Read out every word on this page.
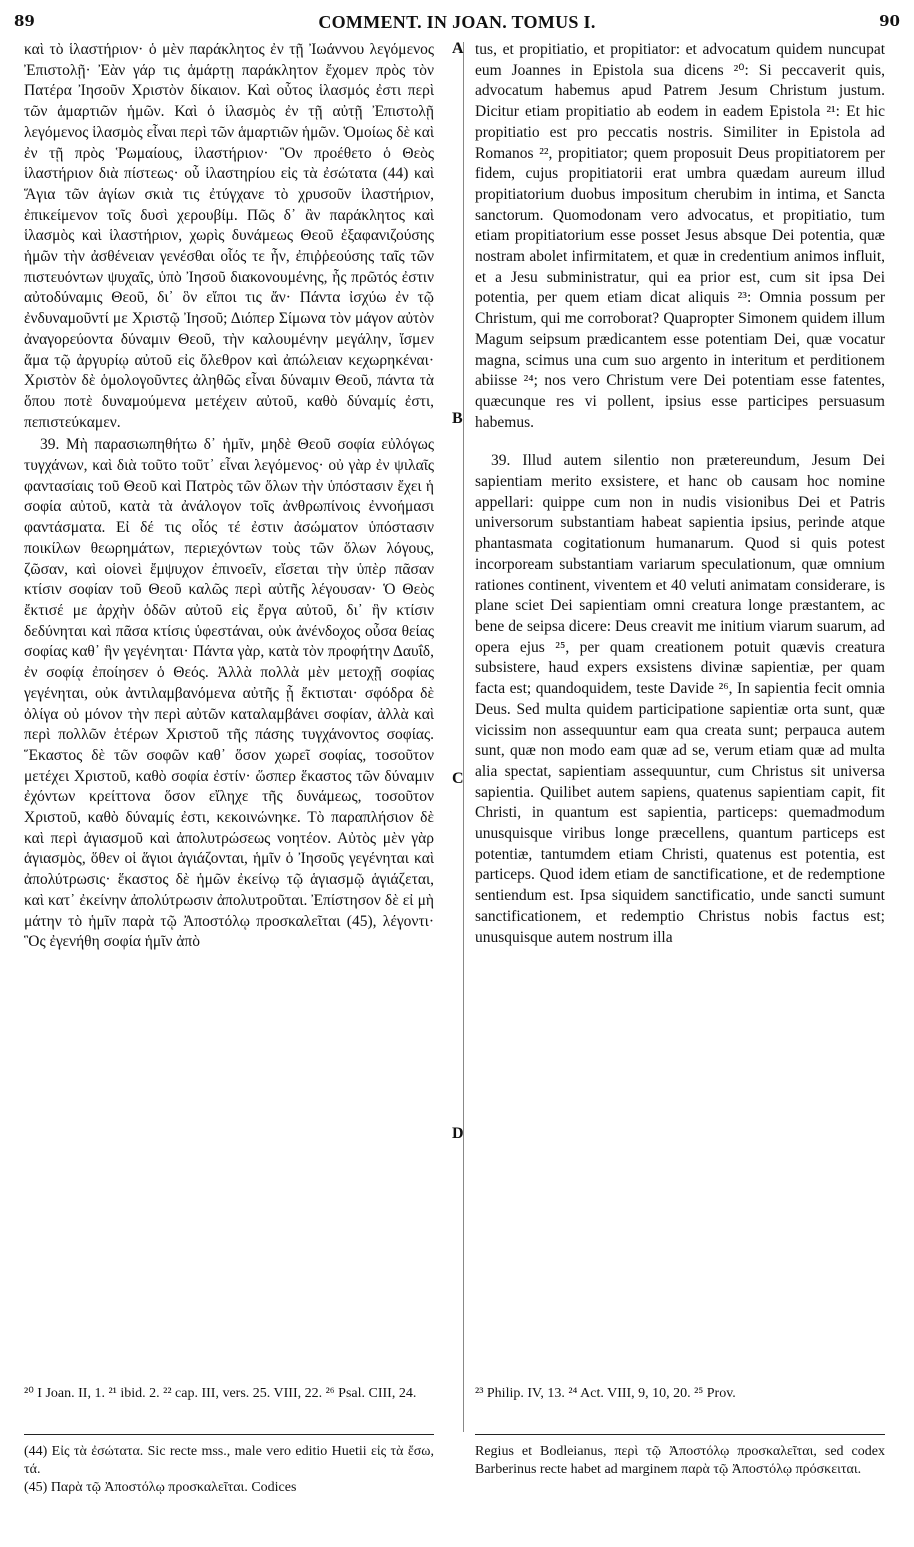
89	COMMENT. IN JOAN. TOMUS I.	90
A
B
C
D

καὶ τὸ ἱλαστήριον· ὁ μὲν παράκλητος ἐν τῇ Ἰωάννου λεγόμενος Ἐπιστολῇ· Ἐὰν γάρ τις ἁμάρτῃ παράκλητον ἔχομεν πρὸς τὸν Πατέρα Ἰησοῦν Χριστὸν δίκαιον. Καὶ οὗτος ἱλασμός ἐστι περὶ τῶν ἁμαρτιῶν ἡμῶν. Καὶ ὁ ἱλασμὸς ἐν τῇ αὐτῇ Ἐπιστολῇ λεγόμενος ἱλασμὸς εἶναι περὶ τῶν ἁμαρτιῶν ἡμῶν. Ὁμοίως δὲ καὶ ἐν τῇ πρὸς Ῥωμαίους, ἱλαστήριον· Ὃν προέθετο ὁ Θεὸς ἱλαστήριον διὰ πίστεως· οὗ ἱλαστηρίου εἰς τὰ ἐσώτατα (44) καὶ Ἅγια τῶν ἁγίων σκιὰ τις ἐτύγχανε τὸ χρυσοῦν ἱλαστήριον, ἐπικείμενον τοῖς δυσὶ χερουβίμ. Πῶς δ᾽ ἂν παράκλητος καὶ ἱλασμὸς καὶ ἱλαστήριον, χωρὶς δυνάμεως Θεοῦ ἐξαφανιζούσης ἡμῶν τὴν ἀσθένειαν γενέσθαι οἷός τε ἦν, ἐπιῤῥεούσης ταῖς τῶν πιστευόντων ψυχαῖς, ὑπὸ Ἰησοῦ διακονουμένης, ἧς πρῶτός ἐστιν αὐτοδύναμις Θεοῦ, δι᾽ ὃν εἴποι τις ἄν· Πάντα ἰσχύω ἐν τῷ ἐνδυναμοῦντί με Χριστῷ Ἰησοῦ; Διόπερ Σίμωνα τὸν μάγον αὐτὸν ἀναγορεύοντα δύναμιν Θεοῦ, τὴν καλουμένην μεγάλην, ἴσμεν ἅμα τῷ ἀργυρίῳ αὐτοῦ εἰς ὄλεθρον καὶ ἀπώλειαν κεχωρηκέναι· Χριστὸν δὲ ὁμολογοῦντες ἀληθῶς εἶναι δύναμιν Θεοῦ, πάντα τὰ ὅπου ποτὲ δυναμούμενα μετέχειν αὐτοῦ, καθὸ δύναμίς ἐστι, πεπιστεύκαμεν.

39. Μὴ παρασιωπηθήτω δ᾽ ἡμῖν, μηδὲ Θεοῦ σοφία εὐλόγως τυγχάνων, καὶ διὰ τοῦτο τοῦτ᾽ εἶναι λεγόμενος· οὐ γὰρ ἐν ψιλαῖς φαντασίαις τοῦ Θεοῦ καὶ Πατρὸς τῶν ὅλων τὴν ὑπόστασιν ἔχει ἡ σοφία αὐτοῦ, κατὰ τὰ ἀνάλογον τοῖς ἀνθρωπίνοις ἐννοήμασι φαντάσματα. Εἰ δέ τις οἷός τέ ἐστιν ἀσώματον ὑπόστασιν ποικίλων θεωρημάτων, περιεχόντων τοὺς τῶν ὅλων λόγους, ζῶσαν, καὶ οἱονεὶ ἔμψυχον ἐπινοεῖν, εἴσεται τὴν ὑπὲρ πᾶσαν κτίσιν σοφίαν τοῦ Θεοῦ καλῶς περὶ αὐτῆς λέγουσαν· Ὁ Θεὸς ἔκτισέ με ἀρχὴν ὁδῶν αὐτοῦ εἰς ἔργα αὐτοῦ, δι᾽ ἣν κτίσιν δεδύνηται καὶ πᾶσα κτίσις ὑφεστάναι, οὐκ ἀνένδοχος οὖσα θείας σοφίας καθ᾽ ἣν γεγένηται· Πάντα γὰρ, κατὰ τὸν προφήτην Δαυΐδ, ἐν σοφίᾳ ἐποίησεν ὁ Θεός. Ἀλλὰ πολλὰ μὲν μετοχῇ σοφίας γεγένηται, οὐκ ἀντιλαμβανόμενα αὐτῆς ᾗ ἔκτισται· σφόδρα δὲ ὀλίγα οὐ μόνον τὴν περὶ αὐτῶν καταλαμβάνει σοφίαν, ἀλλὰ καὶ περὶ πολλῶν ἑτέρων Χριστοῦ τῆς πάσης τυγχάνοντος σοφίας. Ἕκαστος δὲ τῶν σοφῶν καθ᾽ ὅσον χωρεῖ σοφίας, τοσοῦτον μετέχει Χριστοῦ, καθὸ σοφία ἐστίν· ὥσπερ ἕκαστος τῶν δύναμιν ἐχόντων κρείττονα ὅσον εἴληχε τῆς δυνάμεως, τοσοῦτον Χριστοῦ, καθὸ δύναμίς ἐστι, κεκοινώνηκε. Τὸ παραπλήσιον δὲ καὶ περὶ ἁγιασμοῦ καὶ ἀπολυτρώσεως νοητέον. Αὐτὸς μὲν γὰρ ἁγιασμὸς, ὅθεν οἱ ἅγιοι ἁγιάζονται, ἡμῖν ὁ Ἰησοῦς γεγένηται καὶ ἀπολύτρωσις· ἕκαστος δὲ ἡμῶν ἐκείνῳ τῷ ἁγιασμῷ ἁγιάζεται, καὶ κατ᾽ ἐκείνην ἀπολύτρωσιν ἀπολυτροῦται. Ἐπίστησον δὲ εἰ μὴ μάτην τὸ ἡμῖν παρὰ τῷ Ἀποστόλῳ προσκαλεῖται (45), λέγοντι· Ὃς ἐγενήθη σοφία ἡμῖν ἀπὸ

tus, et propitiatio, et propitiator: et advocatum quidem nuncupat eum Joannes in Epistola sua dicens ²⁰: Si peccaverit quis, advocatum habemus apud Patrem Jesum Christum justum. Dicitur etiam propitiatio ab eodem in eadem Epistola ²¹: Et hic propitiatio est pro peccatis nostris. Similiter in Epistola ad Romanos ²², propitiator; quem proposuit Deus propitiatorem per fidem, cujus propitiatorii erat umbra quædam aureum illud propitiatorium duobus impositum cherubim in intima, et Sancta sanctorum. Quomodonam vero advocatus, et propitiatio, tum etiam propitiatorium esse posset Jesus absque Dei potentia, quæ nostram abolet infirmitatem, et quæ in credentium animos influit, et a Jesu subministratur, qui ea prior est, cum sit ipsa Dei potentia, per quem etiam dicat aliquis ²³: Omnia possum per Christum, qui me corroborat? Quapropter Simonem quidem illum Magum seipsum prædicantem esse potentiam Dei, quæ vocatur magna, scimus una cum suo argento in interitum et perditionem abiisse ²⁴; nos vero Christum vere Dei potentiam esse fatentes, quæcunque res vi pollent, ipsius esse participes persuasum habemus.

39. Illud autem silentio non prætereundum, Jesum Dei sapientiam merito exsistere, et hanc ob causam hoc nomine appellari: quippe cum non in nudis visionibus Dei et Patris universorum substantiam habeat sapientia ipsius, perinde atque phantasmata cogitationum humanarum. Quod si quis potest incorpoream substantiam variarum speculationum, quæ omnium rationes continent, viventem et 40 veluti animatam considerare, is plane sciet Dei sapientiam omni creatura longe præstantem, ac bene de seipsa dicere: Deus creavit me initium viarum suarum, ad opera ejus ²⁵, per quam creationem potuit quævis creatura subsistere, haud expers exsistens divinæ sapientiæ, per quam facta est; quandoquidem, teste Davide ²⁶, In sapientia fecit omnia Deus. Sed multa quidem participatione sapientiæ orta sunt, quæ vicissim non assequuntur eam qua creata sunt; perpauca autem sunt, quæ non modo eam quæ ad se, verum etiam quæ ad multa alia spectat, sapientiam assequuntur, cum Christus sit universa sapientia. Quilibet autem sapiens, quatenus sapientiam capit, fit Christi, in quantum est sapientia, particeps: quemadmodum unusquisque viribus longe præcellens, quantum particeps est potentiæ, tantumdem etiam Christi, quatenus est potentia, est particeps. Quod idem etiam de sanctificatione, et de redemptione sentiendum est. Ipsa siquidem sanctificatio, unde sancti sumunt sanctificationem, et redemptio Christus nobis factus est; unusquisque autem nostrum illa

²⁰ I Joan. II, 1. ²¹ ibid. 2. ²² cap. III, vers. 25. VIII, 22. ²⁶ Psal. CIII, 24.	²³ Philip. IV, 13. ²⁴ Act. VIII, 9, 10, 20. ²⁵ Prov.

(44) Εἰς τὰ ἐσώτατα. Sic recte mss., male vero editio Huetii εἰς τὰ ἔσω, τά.

(45) Παρὰ τῷ Ἀποστόλῳ προσκαλεῖται. Codices

Regius et Bodleianus, περὶ τῷ Ἀποστόλῳ προσκαλεῖται, sed codex Barberinus recte habet ad marginem παρὰ τῷ Ἀποστόλῳ πρόσκειται.
